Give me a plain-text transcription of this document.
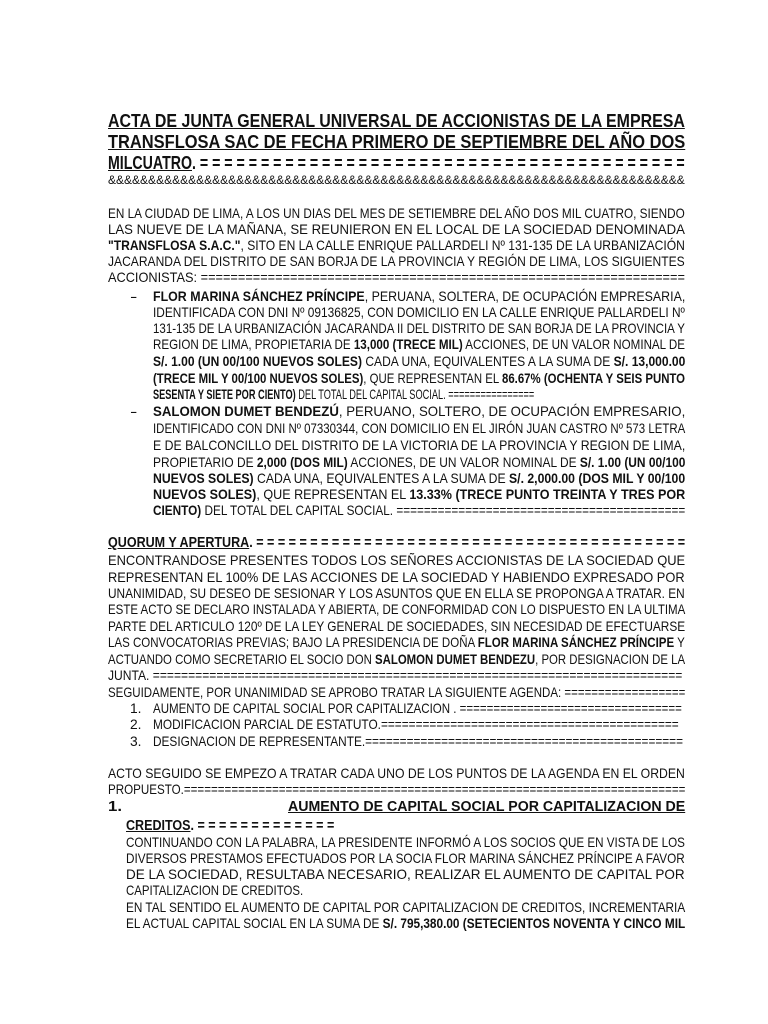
ACTA DE JUNTA GENERAL UNIVERSAL DE ACCIONISTAS DE LA EMPRESA
TRANSFLOSA SAC DE FECHA PRIMERO DE SEPTIEMBRE DEL AÑO DOS
MILCUATRO. = = = = = = = = = = = = = = = = = = = = = = = = = = = = = = = = = = = = = = = =
&&&&&&&&&&&&&&&&&&&&&&&&&&&&&&&&&&&&&&&&&&&&&&&&&&&&&&&&&&&&&&&&&&&&&&&&
EN LA CIUDAD DE LIMA, A LOS UN DIAS DEL MES DE SETIEMBRE DEL AÑO DOS MIL CUATRO, SIENDO
LAS NUEVE DE LA MAÑANA, SE REUNIERON EN EL LOCAL DE LA SOCIEDAD DENOMINADA
"TRANSFLOSA S.A.C.", SITO EN LA CALLE ENRIQUE PALLARDELI Nº 131-135 DE LA URBANIZACIÓN
JACARANDA DEL DISTRITO DE SAN BORJA DE LA PROVINCIA Y REGIÓN DE LIMA, LOS SIGUIENTES
ACCIONISTAS: =================================================================
- FLOR MARINA SÁNCHEZ PRÍNCIPE, PERUANA, SOLTERA, DE OCUPACIÓN EMPRESARIA,
IDENTIFICADA CON DNI Nº 09136825, CON DOMICILIO EN LA CALLE ENRIQUE PALLARDELI Nº
131-135 DE LA URBANIZACIÓN JACARANDA II DEL DISTRITO DE SAN BORJA DE LA PROVINCIA Y
REGION DE LIMA, PROPIETARIA DE 13,000 (TRECE MIL) ACCIONES, DE UN VALOR NOMINAL DE
S/. 1.00 (UN 00/100 NUEVOS SOLES) CADA UNA, EQUIVALENTES A LA SUMA DE S/. 13,000.00
(TRECE MIL Y 00/100 NUEVOS SOLES), QUE REPRESENTAN EL 86.67% (OCHENTA Y SEIS PUNTO
SESENTA Y SIETE POR CIENTO) DEL TOTAL DEL CAPITAL SOCIAL. ================
- SALOMON DUMET BENDEZÚ, PERUANO, SOLTERO, DE OCUPACIÓN EMPRESARIO,
IDENTIFICADO CON DNI Nº 07330344, CON DOMICILIO EN EL JIRÓN JUAN CASTRO Nº 573 LETRA
E DE BALCONCILLO DEL DISTRITO DE LA VICTORIA DE LA PROVINCIA Y REGION DE LIMA,
PROPIETARIO DE 2,000 (DOS MIL) ACCIONES, DE UN VALOR NOMINAL DE S/. 1.00 (UN 00/100
NUEVOS SOLES) CADA UNA, EQUIVALENTES A LA SUMA DE S/. 2,000.00 (DOS MIL Y 00/100
NUEVOS SOLES), QUE REPRESENTAN EL 13.33% (TRECE PUNTO TREINTA Y TRES POR
CIENTO) DEL TOTAL DEL CAPITAL SOCIAL. ==========================================
QUORUM Y APERTURA. = = = = = = = = = = = = = = = = = = = = = = = = = = = = = = = = = = = = = = = =
ENCONTRANDOSE PRESENTES TODOS LOS SEÑORES ACCIONISTAS DE LA SOCIEDAD QUE
REPRESENTAN EL 100% DE LAS ACCIONES DE LA SOCIEDAD Y HABIENDO EXPRESADO POR
UNANIMIDAD, SU DESEO DE SESIONAR Y LOS ASUNTOS QUE EN ELLA SE PROPONGA A TRATAR. EN
ESTE ACTO SE DECLARO INSTALADA Y ABIERTA, DE CONFORMIDAD CON LO DISPUESTO EN LA ULTIMA
PARTE DEL ARTICULO 120º DE LA LEY GENERAL DE SOCIEDADES, SIN NECESIDAD DE EFECTUARSE
LAS CONVOCATORIAS PREVIAS; BAJO LA PRESIDENCIA DE DOÑA FLOR MARINA SÁNCHEZ PRÍNCIPE Y
ACTUANDO COMO SECRETARIO EL SOCIO DON SALOMON DUMET BENDEZU, POR DESIGNACION DE LA
JUNTA. ===========================================================================
SEGUIDAMENTE, POR UNANIMIDAD SE APROBO TRATAR LA SIGUIENTE AGENDA: ==================
1. AUMENTO DE CAPITAL SOCIAL POR CAPITALIZACION . =================================
2. MODIFICACION PARCIAL DE ESTATUTO.===========================================
3. DESIGNACION DE REPRESENTANTE.==============================================
ACTO SEGUIDO SE EMPEZO A TRATAR CADA UNO DE LOS PUNTOS DE LA AGENDA EN EL ORDEN
PROPUESTO.==========================================================================
1.	AUMENTO DE CAPITAL SOCIAL POR CAPITALIZACION DE
CREDITOS. = = = = = = = = = = = = =
CONTINUANDO CON LA PALABRA, LA PRESIDENTE INFORMÓ A LOS SOCIOS QUE EN VISTA DE LOS
DIVERSOS PRESTAMOS EFECTUADOS POR LA SOCIA FLOR MARINA SÁNCHEZ PRÍNCIPE A FAVOR
DE LA SOCIEDAD, RESULTABA NECESARIO, REALIZAR EL AUMENTO DE CAPITAL POR
CAPITALIZACION DE CREDITOS.
EN TAL SENTIDO EL AUMENTO DE CAPITAL POR CAPITALIZACION DE CREDITOS, INCREMENTARIA
EL ACTUAL CAPITAL SOCIAL EN LA SUMA DE S/. 795,380.00 (SETECIENTOS NOVENTA Y CINCO MIL
